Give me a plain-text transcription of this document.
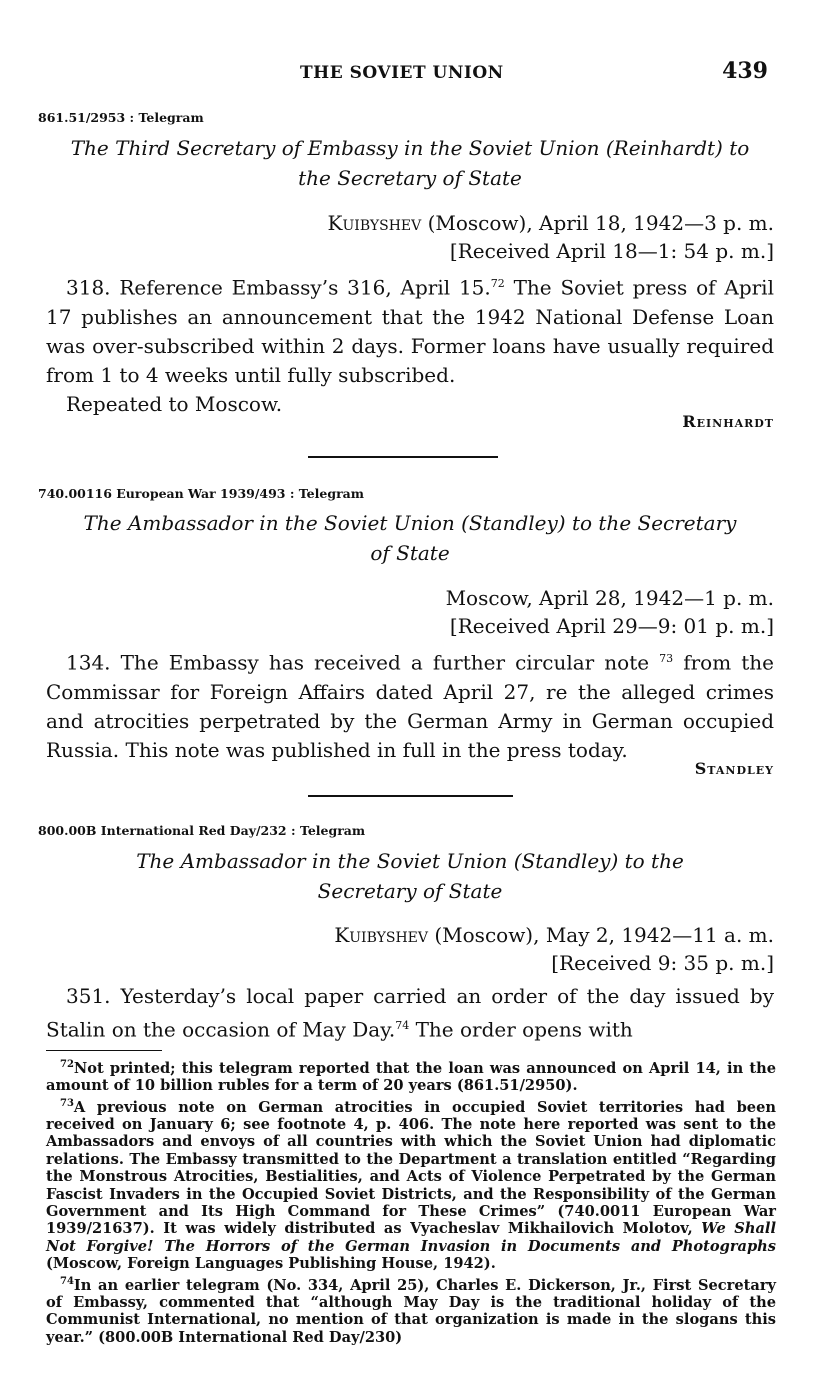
THE SOVIET UNION	439
861.51/2953 : Telegram
The Third Secretary of Embassy in the Soviet Union (Reinhardt) to
the Secretary of State
Kuibyshev (Moscow), April 18, 1942—3 p. m.
[Received April 18—1: 54 p. m.]

318. Reference Embassy’s 316, April 15.72 The Soviet press of April 17 publishes an announcement that the 1942 National Defense Loan was over-subscribed within 2 days. Former loans have usually required from 1 to 4 weeks until fully subscribed.

Repeated to Moscow.

Reinhardt
740.00116 European War 1939/493 : Telegram
The Ambassador in the Soviet Union (Standley) to the Secretary
of State
Moscow, April 28, 1942—1 p. m.
[Received April 29—9: 01 p. m.]

134. The Embassy has received a further circular note $^{73}$ from the Commissar for Foreign Affairs dated April 27, re the alleged crimes and atrocities perpetrated by the German Army in German occupied Russia. This note was published in full in the press today.

Standley
800.00B International Red Day/232 : Telegram
The Ambassador in the Soviet Union (Standley) to the
Secretary of State
Kuibyshev (Moscow), May 2, 1942—11 a. m.
[Received 9: 35 p. m.]

351. Yesterday’s local paper carried an order of the day issued by Stalin on the occasion of May Day.$^{74}$ The order opens with

$^{72}$Not printed; this telegram reported that the loan was announced on April 14, in the amount of 10 billion rubles for a term of 20 years (861.51/2950).

$^{73}$A previous note on German atrocities in occupied Soviet territories had been received on January 6; see footnote 4, p. 406. The note here reported was sent to the Ambassadors and envoys of all countries with which the Soviet Union had diplomatic relations. The Embassy transmitted to the Department a translation entitled “Regarding the Monstrous Atrocities, Bestialities, and Acts of Violence Perpetrated by the German Fascist Invaders in the Occupied Soviet Districts, and the Responsibility of the German Government and Its High Command for These Crimes” (740.0011 European War 1939/21637). It was widely distributed as Vyacheslav Mikhailovich Molotov, We Shall Not Forgive! The Horrors of the German Invasion in Documents and Photographs (Moscow, Foreign Languages Publishing House, 1942).

$^{74}$In an earlier telegram (No. 334, April 25), Charles E. Dickerson, Jr., First Secretary of Embassy, commented that “although May Day is the traditional holiday of the Communist International, no mention of that organization is made in the slogans this year.” (800.00B International Red Day/230)
